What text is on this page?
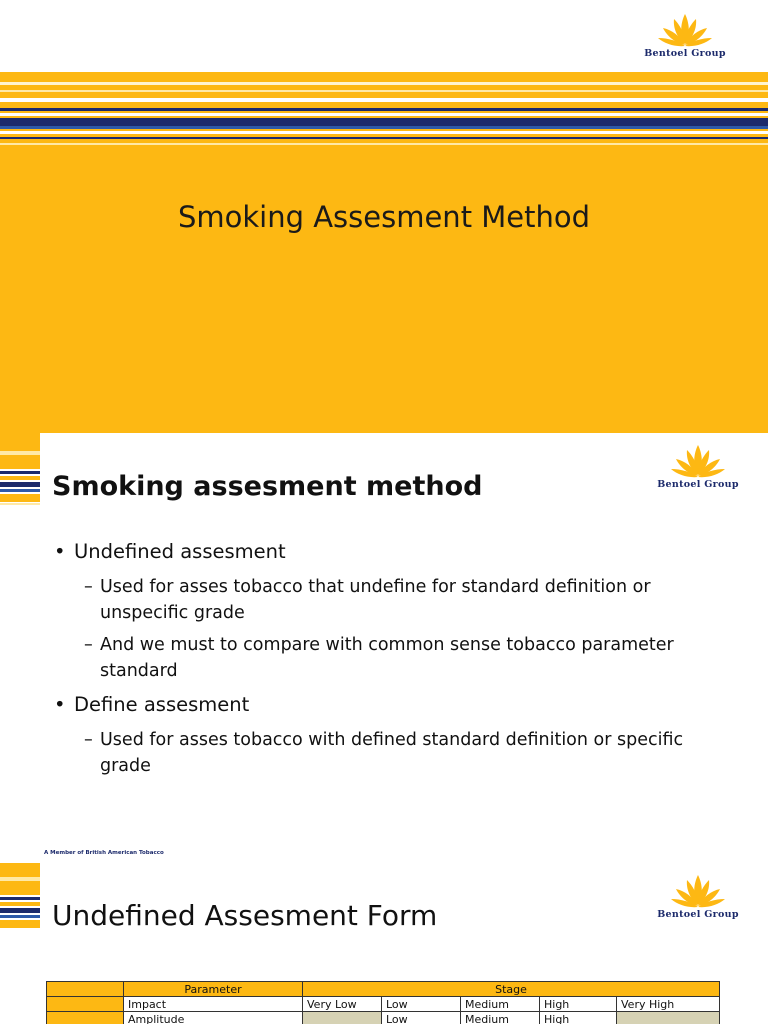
Bentoel Group
Smoking Assesment Method
Bentoel Group
Smoking assesment method
• Undefined assesment
– Used for asses tobacco that undefine for standard definition or unspecific grade
– And we must to compare with common sense tobacco parameter standard
• Define assesment
– Used for asses tobacco with defined standard definition or specific grade
A Member of British American Tobacco
Bentoel Group
Undefined Assesment Form
	Parameter	Stage				
	Impact	Very Low	Low	Medium	High	Very High
	Amplitude		Low	Medium	High	
